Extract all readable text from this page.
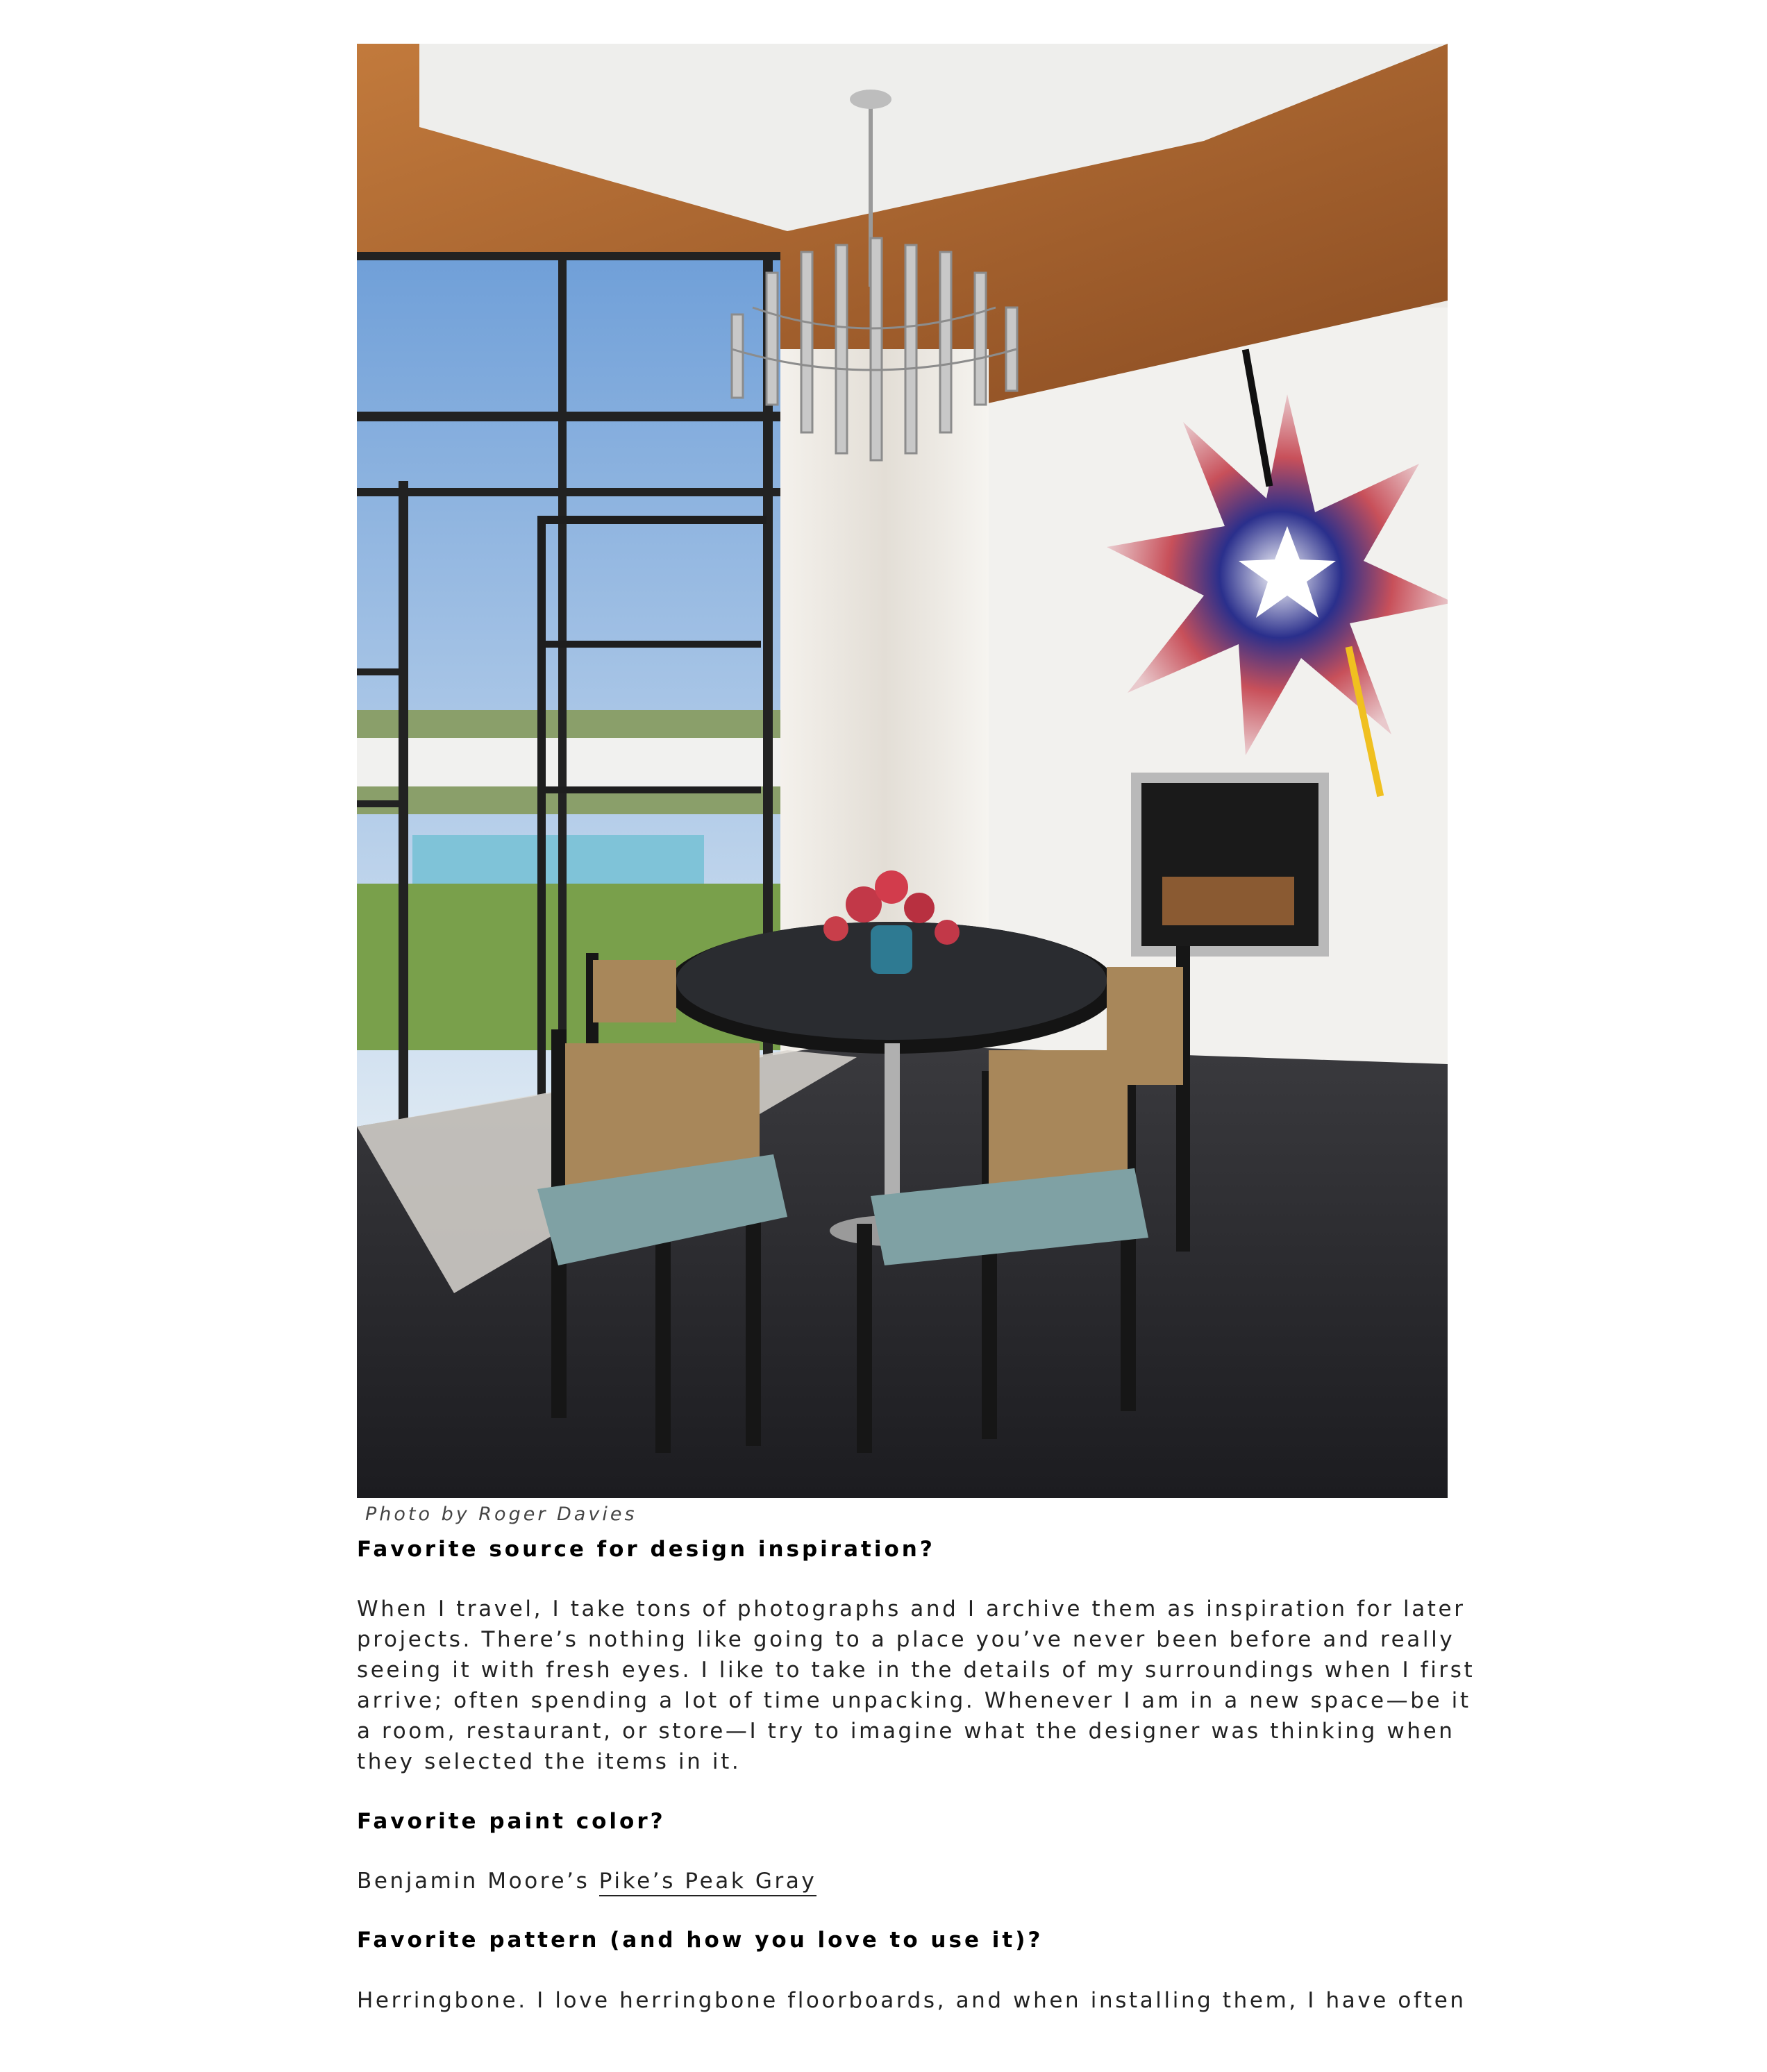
Photo by Roger Davies
Favorite source for design inspiration?
When I travel, I take tons of photographs and I archive them as inspiration for later
projects. There’s nothing like going to a place you’ve never been before and really
seeing it with fresh eyes. I like to take in the details of my surroundings when I first
arrive; often spending a lot of time unpacking. Whenever I am in a new space—be it
a room, restaurant, or store—I try to imagine what the designer was thinking when
they selected the items in it.
Favorite paint color?
Benjamin Moore’s Pike’s Peak Gray
Favorite pattern (and how you love to use it)?
Herringbone. I love herringbone floorboards, and when installing them, I have often
